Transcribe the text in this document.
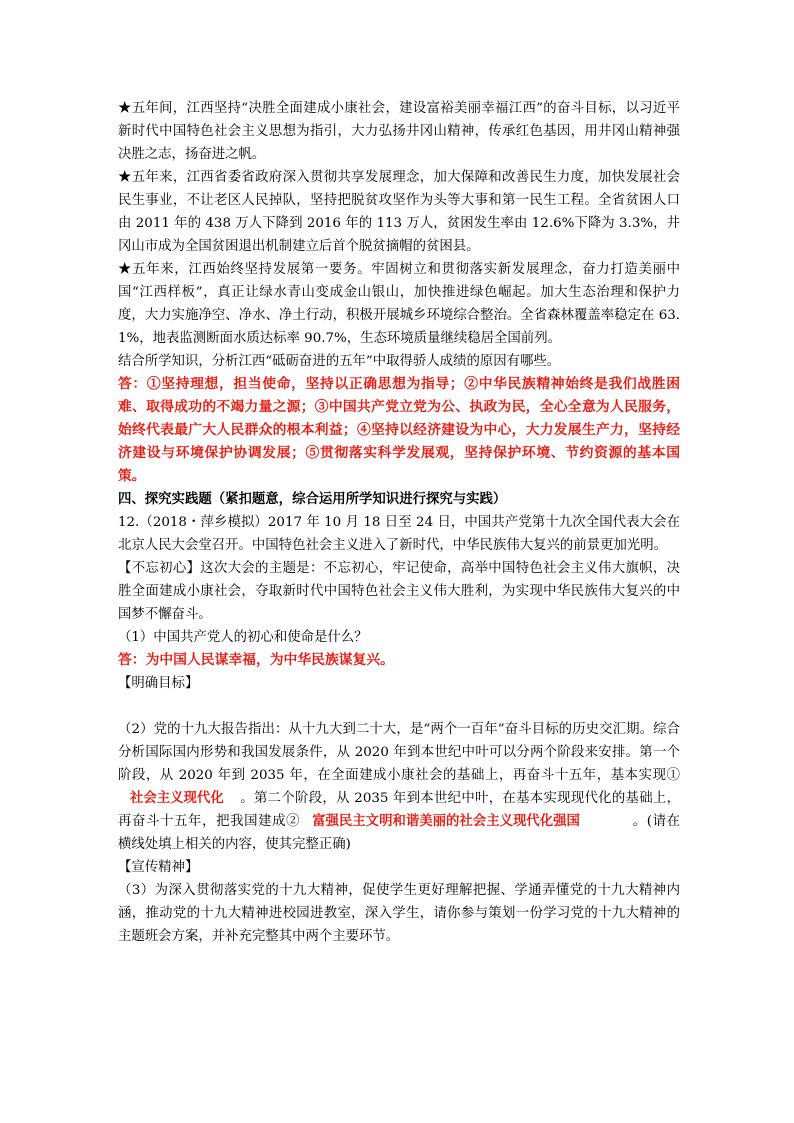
★五年间，江西坚持“决胜全面建成小康社会，建设富裕美丽幸福江西”的奋斗目标，以习近平新时代中国特色社会主义思想为指引，大力弘扬井冈山精神，传承红色基因，用井冈山精神强决胜之志，扬奋进之帆。

★五年来，江西省委省政府深入贯彻共享发展理念，加大保障和改善民生力度，加快发展社会民生事业，不让老区人民掉队，坚持把脱贫攻坚作为头等大事和第一民生工程。全省贫困人口由 2011 年的 438 万人下降到 2016 年的 113 万人，贫困发生率由 12.6%下降为 3.3%，井冈山市成为全国贫困退出机制建立后首个脱贫摘帽的贫困县。

★五年来，江西始终坚持发展第一要务。牢固树立和贯彻落实新发展理念，奋力打造美丽中国“江西样板”，真正让绿水青山变成金山银山，加快推进绿色崛起。加大生态治理和保护力度，大力实施净空、净水、净土行动，积极开展城乡环境综合整治。全省森林覆盖率稳定在 63.1%，地表监测断面水质达标率 90.7%，生态环境质量继续稳居全国前列。

结合所学知识，分析江西“砥砺奋进的五年”中取得骄人成绩的原因有哪些。

答：①坚持理想，担当使命，坚持以正确思想为指导；②中华民族精神始终是我们战胜困难、取得成功的不竭力量之源；③中国共产党立党为公、执政为民，全心全意为人民服务，始终代表最广大人民群众的根本利益；④坚持以经济建设为中心，大力发展生产力，坚持经济建设与环境保护协调发展；⑤贯彻落实科学发展观，坚持保护环境、节约资源的基本国策。

四、探究实践题（紧扣题意，综合运用所学知识进行探究与实践）

12.（2018・萍乡模拟）2017 年 10 月 18 日至 24 日，中国共产党第十九次全国代表大会在北京人民大会堂召开。中国特色社会主义进入了新时代，中华民族伟大复兴的前景更加光明。

【不忘初心】这次大会的主题是：不忘初心，牢记使命，高举中国特色社会主义伟大旗帜，决胜全面建成小康社会，夺取新时代中国特色社会主义伟大胜利，为实现中华民族伟大复兴的中国梦不懈奋斗。

（1）中国共产党人的初心和使命是什么？

答：为中国人民谋幸福，为中华民族谋复兴。

【明确目标】

（2）党的十九大报告指出：从十九大到二十大，是“两个一百年”奋斗目标的历史交汇期。综合分析国际国内形势和我国发展条件，从 2020 年到本世纪中叶可以分两个阶段来安排。第一个阶段，从 2020 年到 2035 年，在全面建成小康社会的基础上，再奋斗十五年，基本实现①社会主义现代化 。第二个阶段，从 2035 年到本世纪中叶，在基本实现现代化的基础上，再奋斗十五年，把我国建成② 富强民主文明和谐美丽的社会主义现代化强国	。(请在横线处填上相关的内容，使其完整正确)

【宣传精神】

（3）为深入贯彻落实党的十九大精神，促使学生更好理解把握、学通弄懂党的十九大精神内涵，推动党的十九大精神进校园进教室，深入学生，请你参与策划一份学习党的十九大精神的主题班会方案，并补充完整其中两个主要环节。
